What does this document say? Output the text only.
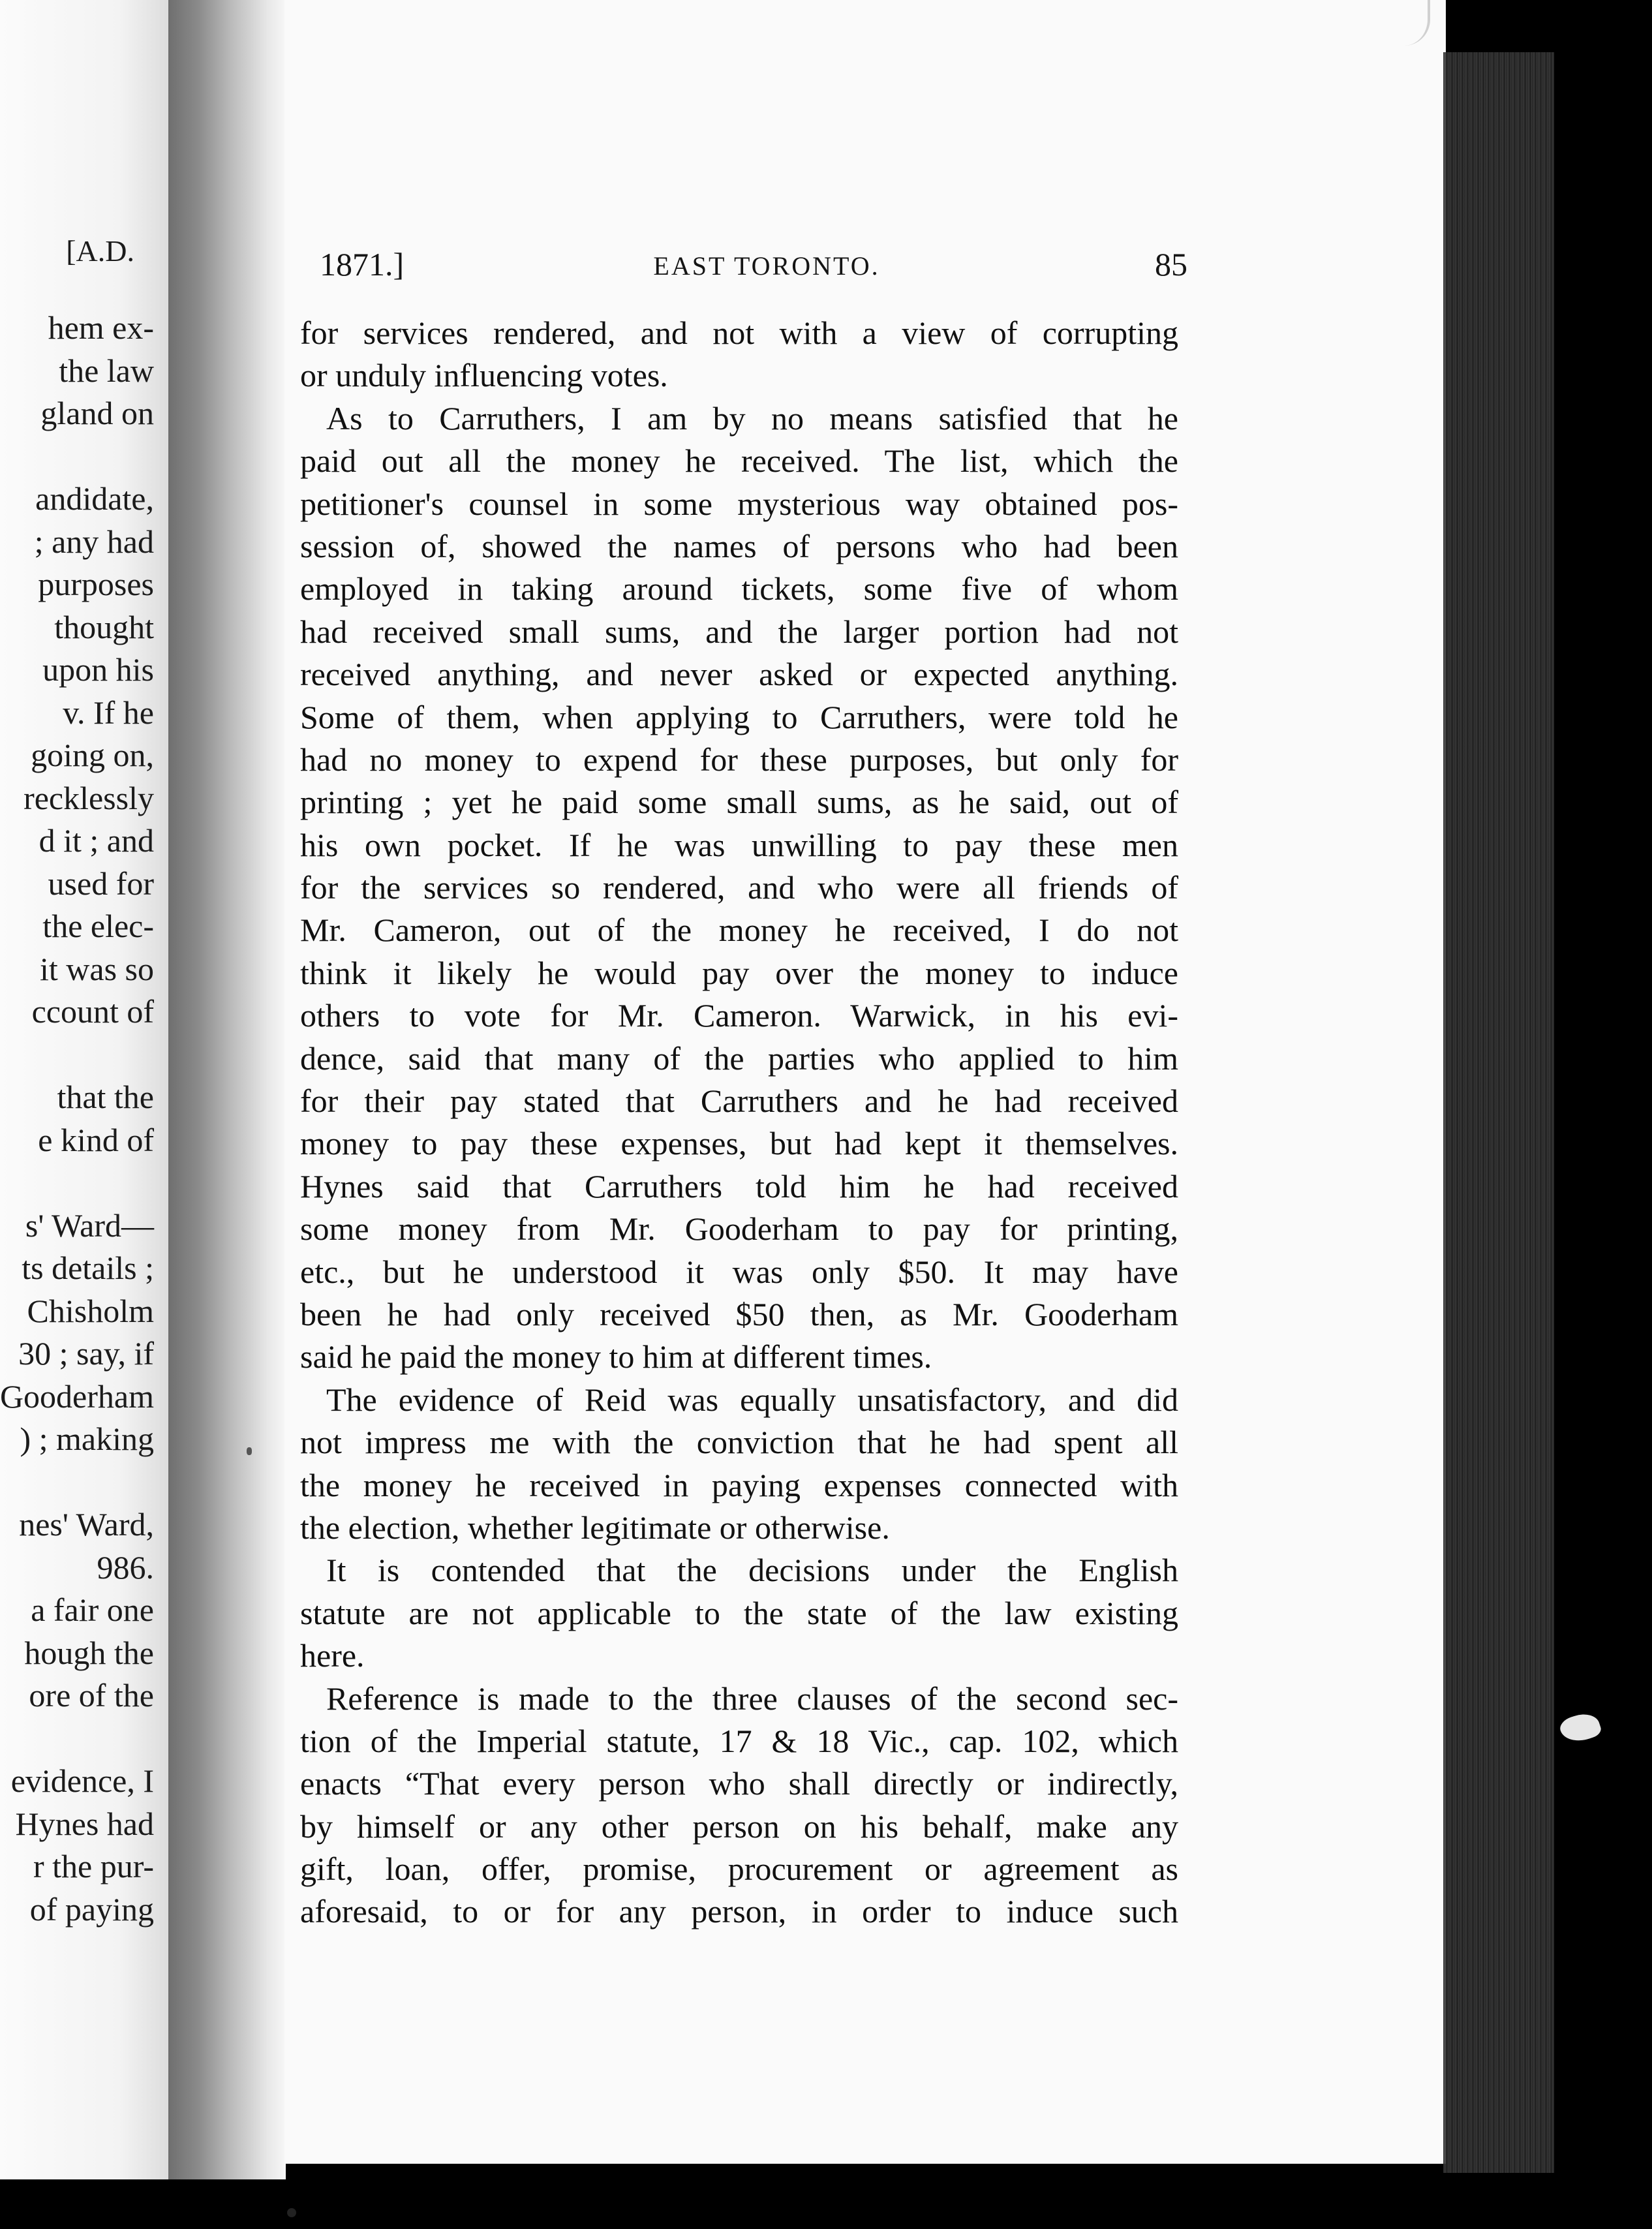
[A.D.
hem ex-
the law
gland on
andidate,
; any had
purposes
thought
upon his
v. If he
going on,
recklessly
d it ; and
used for
the elec-
it was so
ccount of
that the
e kind of
s' Ward—
ts details ;
Chisholm
30 ; say, if
Gooderham
) ; making
nes' Ward,
986.
a fair one
hough the
ore of the
evidence, I
Hynes had
r the pur-
of paying
1871.]	EAST TORONTO.	85
for services rendered, and not with a view of corrupting
or unduly influencing votes.
As to Carruthers, I am by no means satisfied that he
paid out all the money he received. The list, which the
petitioner's counsel in some mysterious way obtained pos-
session of, showed the names of persons who had been
employed in taking around tickets, some five of whom
had received small sums, and the larger portion had not
received anything, and never asked or expected anything.
Some of them, when applying to Carruthers, were told he
had no money to expend for these purposes, but only for
printing ; yet he paid some small sums, as he said, out of
his own pocket. If he was unwilling to pay these men
for the services so rendered, and who were all friends of
Mr. Cameron, out of the money he received, I do not
think it likely he would pay over the money to induce
others to vote for Mr. Cameron. Warwick, in his evi-
dence, said that many of the parties who applied to him
for their pay stated that Carruthers and he had received
money to pay these expenses, but had kept it themselves.
Hynes said that Carruthers told him he had received
some money from Mr. Gooderham to pay for printing,
etc., but he understood it was only $50. It may have
been he had only received $50 then, as Mr. Gooderham
said he paid the money to him at different times.
The evidence of Reid was equally unsatisfactory, and did
not impress me with the conviction that he had spent all
the money he received in paying expenses connected with
the election, whether legitimate or otherwise.
It is contended that the decisions under the English
statute are not applicable to the state of the law existing
here.
Reference is made to the three clauses of the second sec-
tion of the Imperial statute, 17 & 18 Vic., cap. 102, which
enacts “That every person who shall directly or indirectly,
by himself or any other person on his behalf, make any
gift, loan, offer, promise, procurement or agreement as
aforesaid, to or for any person, in order to induce such
